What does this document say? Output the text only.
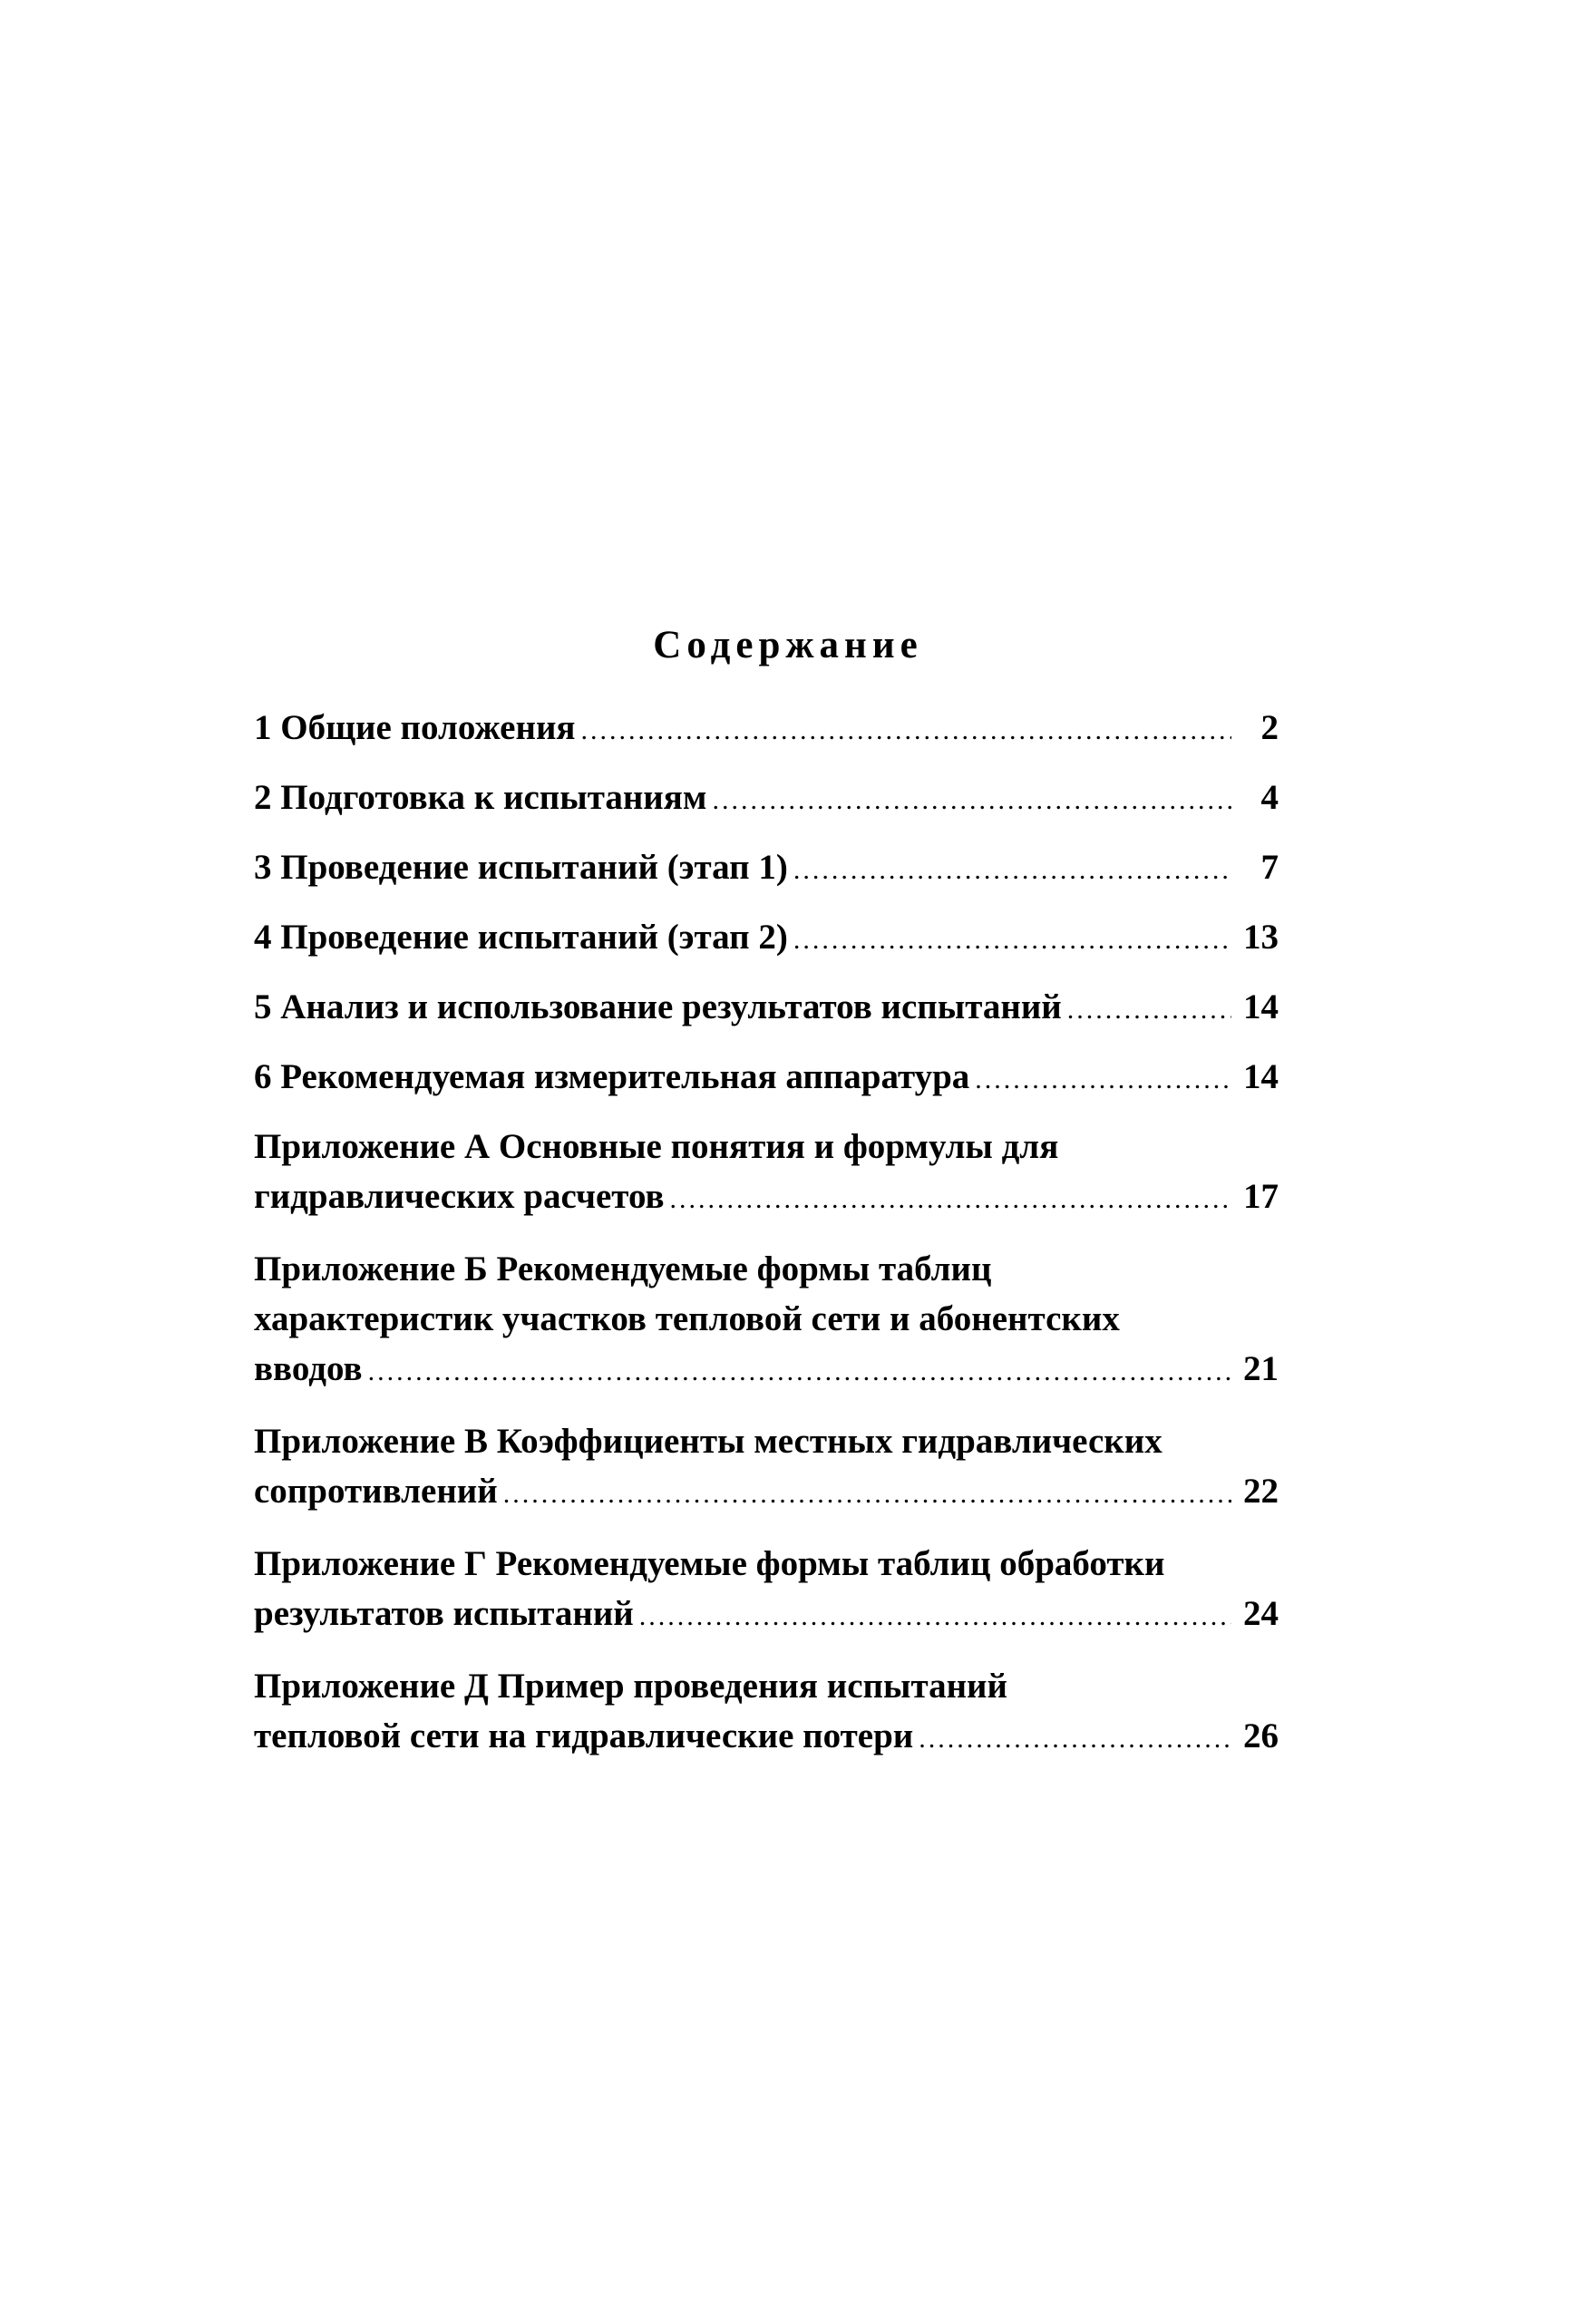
Содержание
1 Общие положения .....	2
2 Подготовка к испытаниям .....	4
3 Проведение испытаний (этап 1) .....	7
4 Проведение испытаний (этап 2) .....	13
5 Анализ и использование результатов испытаний .....	14
6 Рекомендуемая измерительная аппаратура .....	14
Приложение А Основные понятия и формулы для
гидравлических расчетов .....	17
Приложение Б Рекомендуемые формы таблиц
характеристик участков тепловой сети и абонентских
вводов .....	21
Приложение В Коэффициенты местных гидравлических
сопротивлений .....	22
Приложение Г Рекомендуемые формы таблиц обработки
результатов испытаний .....	24
Приложение Д Пример проведения испытаний
тепловой сети на гидравлические потери .....	26
